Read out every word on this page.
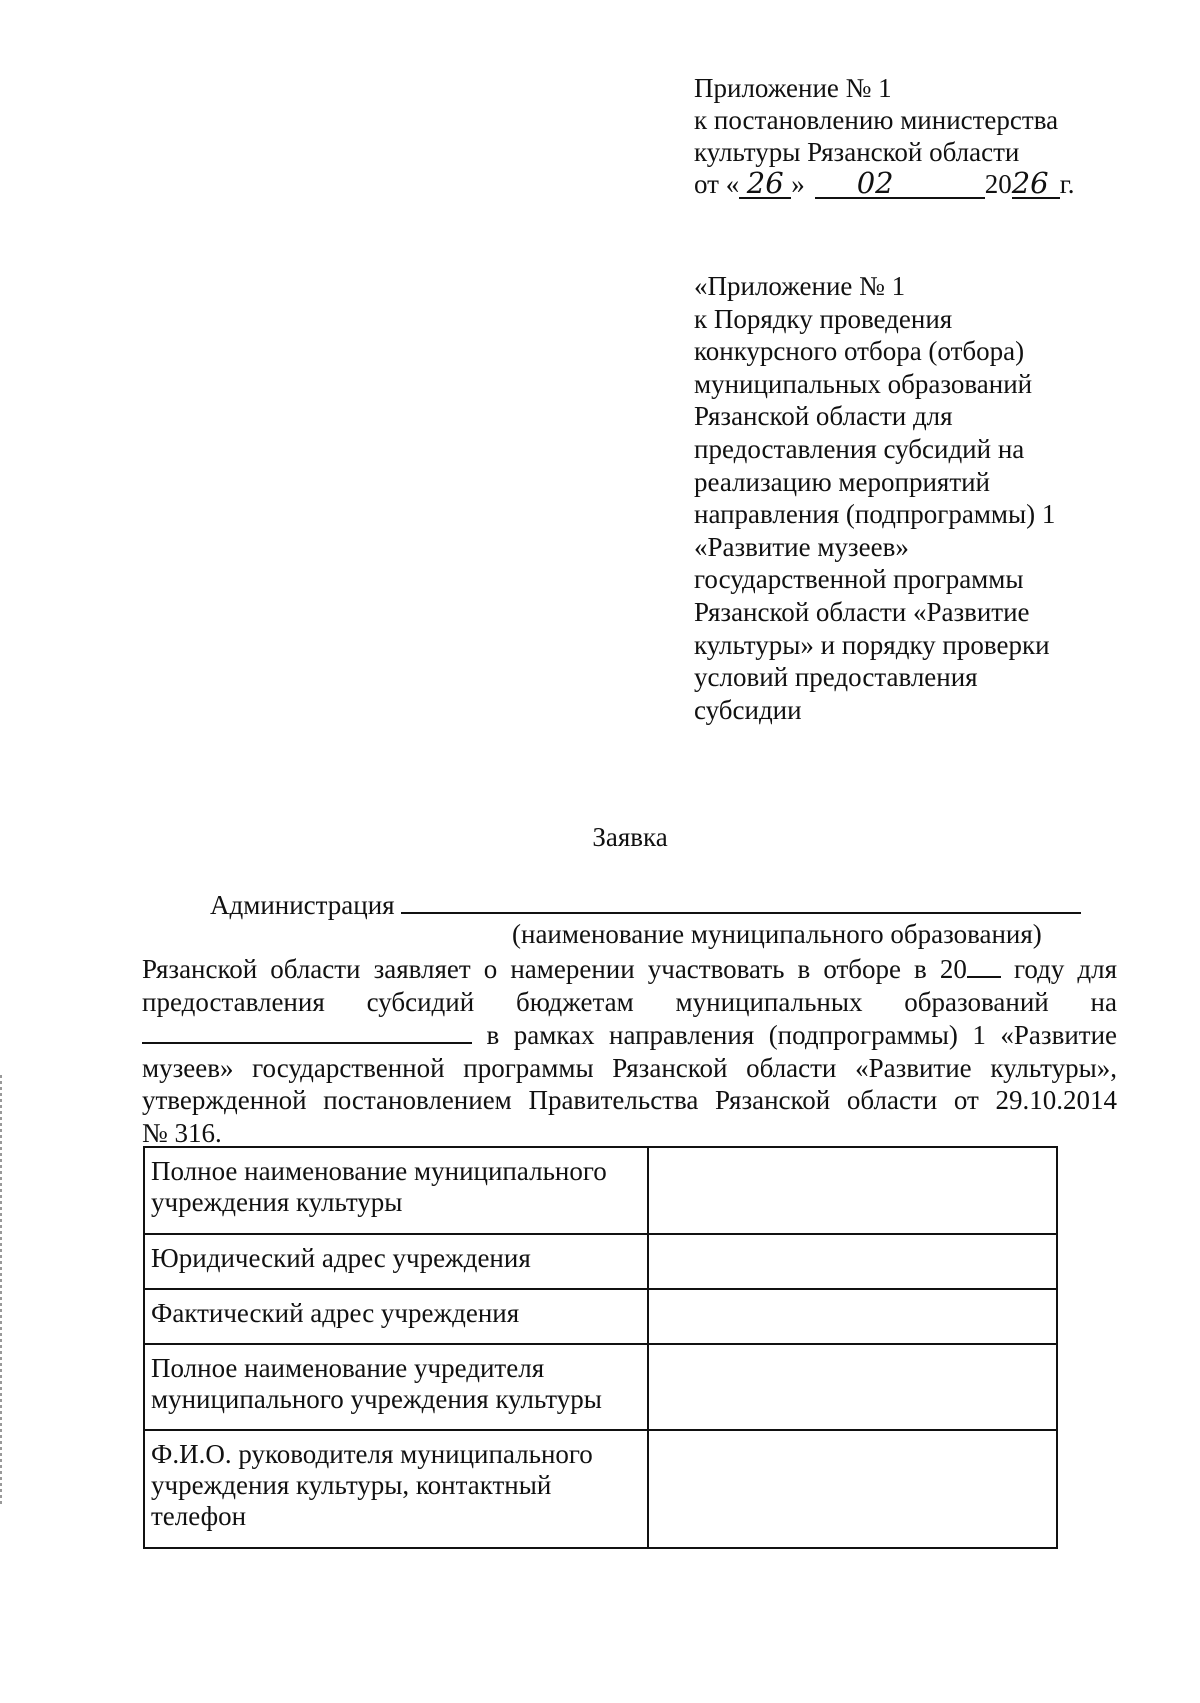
Приложение № 1
к постановлению министерства
культуры Рязанской области
от « 26 »	02	20 26 г.
«Приложение № 1
к Порядку проведения
конкурсного отбора (отбора)
муниципальных образований
Рязанской области для
предоставления субсидий на
реализацию мероприятий
направления (подпрограммы) 1
«Развитие музеев»
государственной программы
Рязанской области «Развитие
культуры» и порядку проверки
условий предоставления
субсидии
Заявка
Администрация
(наименование муниципального образования)
Рязанской области заявляет о намерении участвовать в отборе в 20 году для
предоставления субсидий бюджетам муниципальных образований на
в рамках направления (подпрограммы) 1 «Развитие
музеев» государственной программы Рязанской области «Развитие культуры»,
утвержденной постановлением Правительства Рязанской области от 29.10.2014
№ 316.
Полное наименование муниципального учреждения культуры	
Юридический адрес учреждения	
Фактический адрес учреждения	
Полное наименование учредителя муниципального учреждения культуры	
Ф.И.О. руководителя муниципального учреждения культуры, контактный телефон	
